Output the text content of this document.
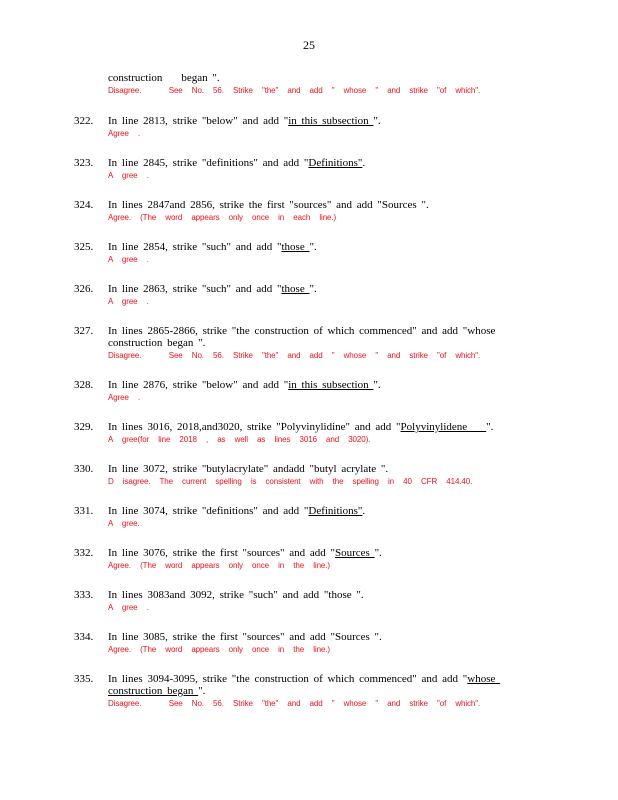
25
construction    began ".
Disagree.   See No. 56. Strike "the" and add " whose " and strike "of which".
322. In line 2813, strike "below" and add "in this subsection ".
Agree .
323. In line 2845, strike "definitions" and add "Definitions".
A gree .
324. In lines 2847and 2856, strike the first "sources" and add "Sources ".
Agree. (The word appears only once in each line.)
325. In line 2854, strike "such" and add "those ".
A gree .
326. In line 2863, strike "such" and add "those ".
A gree .
327. In lines 2865-2866, strike "the construction of which commenced" and add "whose construction began ".
Disagree.   See No. 56. Strike "the" and add " whose " and strike "of which".
328. In line 2876, strike "below" and add "in this subsection ".
Agree .
329. In lines 3016, 2018,and3020, strike "Polyvinylidine" and add "Polyvinylidene    ".
A gree(for line 2018 , as well as lines 3016 and 3020).
330. In line 3072, strike "butylacrylate" andadd "butyl acrylate ".
D isagree. The current spelling is consistent with the spelling in 40 CFR 414.40.
331. In line 3074, strike "definitions" and add "Definitions".
A gree.
332. In line 3076, strike the first "sources" and add "Sources ".
Agree. (The word appears only once in the line.)
333. In lines 3083and 3092, strike "such" and add "those ".
A gree .
334. In line 3085, strike the first "sources" and add "Sources ".
Agree. (The word appears only once in the line.)
335. In lines 3094-3095, strike "the construction of which commenced" and add "whose construction began ".
Disagree.   See No. 56. Strike "the" and add " whose " and strike "of which".
